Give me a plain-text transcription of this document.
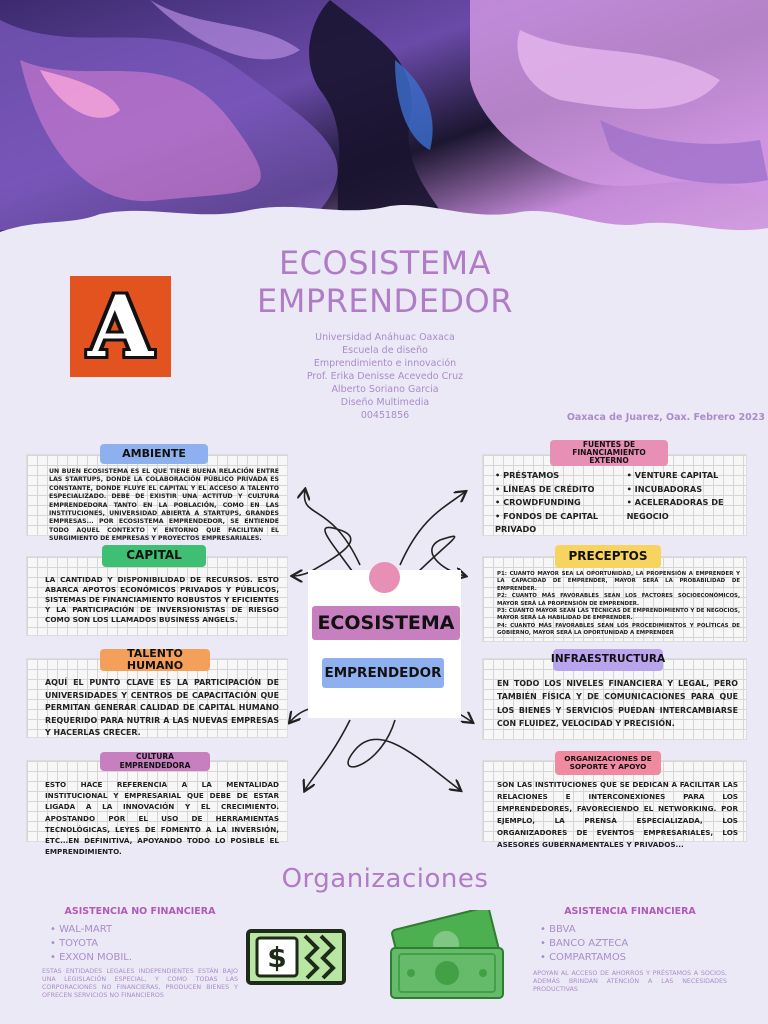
A
ECOSISTEMA
EMPRENDEDOR
Universidad Anáhuac Oaxaca
Escuela de diseño
Emprendimiento e innovación
Prof. Erika Denisse Acevedo Cruz
Alberto Soriano Garcia
Diseño Multimedia
00451856	Oaxaca de Juarez, Oax. Febrero 2023
ECOSISTEMA
EMPRENDEDOR

UN BUEN ECOSISTEMA ES EL QUE TIENE BUENA RELACIÓN ENTRE LAS STARTUPS, DONDE LA COLABORACIÓN PÚBLICO PRIVADA ES CONSTANTE, DONDE FLUYE EL CAPITAL Y EL ACCESO A TALENTO ESPECIALIZADO. DEBE DE EXISTIR UNA ACTITUD Y CULTURA EMPRENDEDORA TANTO EN LA POBLACIÓN, COMO EN LAS INSTITUCIONES, UNIVERSIDAD ABIERTA A STARTUPS, GRANDES EMPRESAS... POR ECOSISTEMA EMPRENDEDOR, SE ENTIENDE TODO AQUEL CONTEXTO Y ENTORNO QUE FACILITAN EL SURGIMIENTO DE EMPRESAS Y PROYECTOS EMPRESARIALES.

AMBIENTE

LA CANTIDAD Y DISPONIBILIDAD DE RECURSOS. ESTO ABARCA APOTOS ECONÓMICOS PRIVADOS Y PÚBLICOS, SISTEMAS DE FINANCIAMIENTO ROBUSTOS Y EFICIENTES Y LA PARTICIPACIÓN DE INVERSIONISTAS DE RIESGO COMO SON LOS LLAMADOS BUSINESS ANGELS.

CAPITAL

AQUÍ EL PUNTO CLAVE ES LA PARTICIPACIÓN DE UNIVERSIDADES Y CENTROS DE CAPACITACIÓN QUE PERMITAN GENERAR CALIDAD DE CAPITAL HUMANO REQUERIDO PARA NUTRIR A LAS NUEVAS EMPRESAS Y HACERLAS CRECER.

TALENTO HUMANO

ESTO HACE REFERENCIA A LA MENTALIDAD INSTITUCIONAL Y EMPRESARIAL QUE DEBE DE ESTAR LIGADA A LA INNOVACIÓN Y EL CRECIMIENTO. APOSTANDO POR EL USO DE HERRAMIENTAS TECNOLÓGICAS, LEYES DE FOMENTO A LA INVERSIÓN, ETC...EN DEFINITIVA, APOYANDO TODO LO POSIBLE EL EMPRENDIMIENTO.

CULTURA EMPRENDEDORA
• PRÉSTAMOS
• LÍNEAS DE CRÉDITO
• CROWDFUNDING
• FONDOS DE CAPITAL PRIVADO
• VENTURE CAPITAL
• INCUBADORAS
• ACELERADORAS DE NEGOCIO
FUENTES DE FINANCIAMIENTO
EXTERNO

P1: CUANTO MAYOR SEA LA OPORTUNIDAD, LA PROPENSIÓN A EMPRENDER Y LA CAPACIDAD DE EMPRENDER, MAYOR SERÁ LA PROBABILIDAD DE EMPRENDER.

P2: CUANTO MÁS FAVORABLES SEAN LOS FACTORES SOCIOECONÓMICOS, MAYOR SERÁ LA PROPENSIÓN DE EMPRENDER.

P3: CUANTO MAYOR SEAN LAS TÉCNICAS DE EMPRENDIMIENTO Y DE NEGOCIOS, MAYOR SERÁ LA HABILIDAD DE EMPRENDER.

P4: CUANTO MÁS FAVORABLES SEAN LOS PROCEDIMIENTOS Y POLÍTICAS DE GOBIERNO, MAYOR SERÁ LA OPORTUNIDAD A EMPRENDER

PRECEPTOS

EN TODO LOS NIVELES FINANCIERA Y LEGAL, PERO TAMBIÉN FÍSICA Y DE COMUNICACIONES PARA QUE LOS BIENES Y SERVICIOS PUEDAN INTERCAMBIARSE CON FLUIDEZ, VELOCIDAD Y PRECISIÓN.

INFRAESTRUCTURA

SON LAS INSTITUCIONES QUE SE DEDICAN A FACILITAR LAS RELACIONES E INTERCONEXIONES PARA LOS EMPRENDEDORES, FAVORECIENDO EL NETWORKING. POR EJEMPLO, LA PRENSA ESPECIALIZADA, LOS ORGANIZADORES DE EVENTOS EMPRESARIALES, LOS ASESORES GUBERNAMENTALES Y PRIVADOS...

ORGANIZACIONES DE
SOPORTE Y APOYO
Organizaciones
ASISTENCIA NO FINANCIERA
• WAL-MART
• TOYOTA
• EXXON MOBIL.
ESTAS ENTIDADES LEGALES INDEPENDIENTES ESTÁN BAJO UNA LEGISLACIÓN ESPECIAL, Y COMO TODAS LAS CORPORACIONES NO FINANCIERAS, PRODUCEN BIENES Y OFRECEN SERVICIOS NO FINANCIEROS
$
ASISTENCIA FINANCIERA
• BBVA
• BANCO AZTECA
• COMPARTAMOS
APOYAN AL ACCESO DE AHORROS Y PRÉSTAMOS A SOCIOS, ADEMÁS BRINDAN ATENCIÓN A LAS NECESIDADES PRODUCTIVAS
